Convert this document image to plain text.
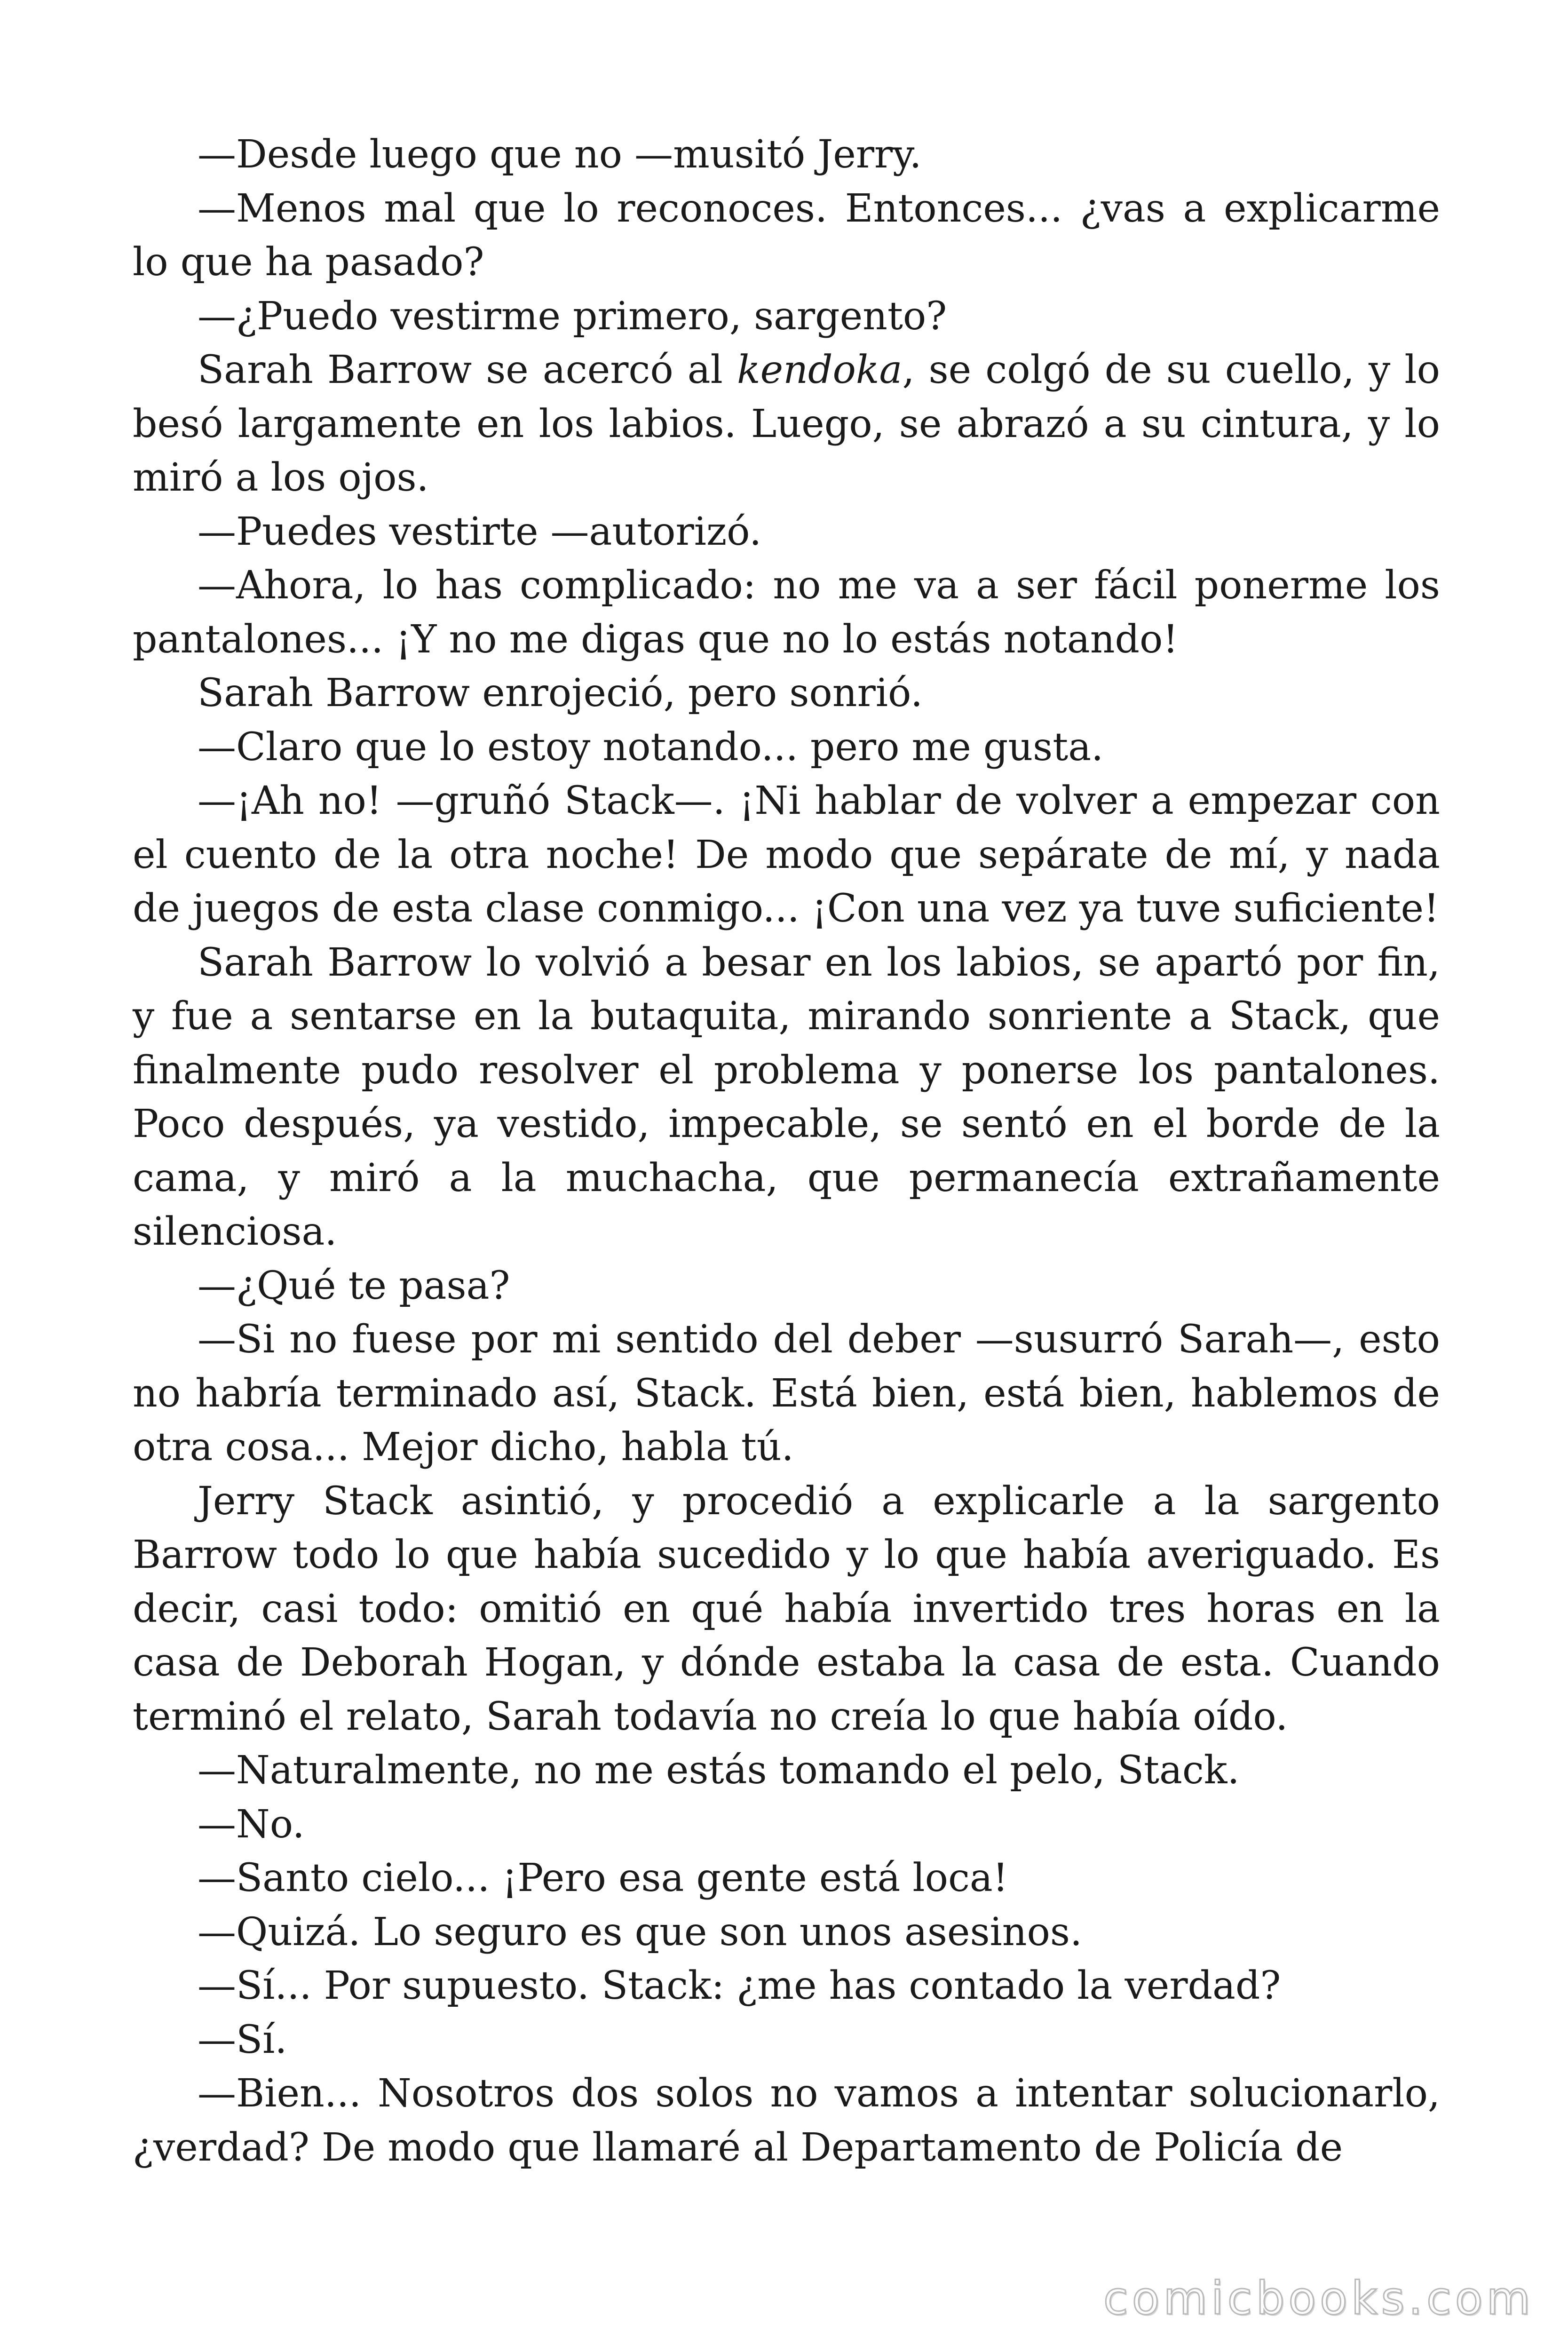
—Desde luego que no —musitó Jerry.

—Menos mal que lo reconoces. Entonces... ¿vas a explicarme lo que ha pasado?

—¿Puedo vestirme primero, sargento?

Sarah Barrow se acercó al kendoka, se colgó de su cuello, y lo besó largamente en los labios. Luego, se abrazó a su cintura, y lo miró a los ojos.

—Puedes vestirte —autorizó.

—Ahora, lo has complicado: no me va a ser fácil ponerme los pantalones... ¡Y no me digas que no lo estás notando!

Sarah Barrow enrojeció, pero sonrió.

—Claro que lo estoy notando... pero me gusta.

—¡Ah no! —gruñó Stack—. ¡Ni hablar de volver a empezar con el cuento de la otra noche! De modo que sepárate de mí, y nada de juegos de esta clase conmigo... ¡Con una vez ya tuve suficiente!

Sarah Barrow lo volvió a besar en los labios, se apartó por fin, y fue a sentarse en la butaquita, mirando sonriente a Stack, que finalmente pudo resolver el problema y ponerse los pantalones. Poco después, ya vestido, impecable, se sentó en el borde de la cama, y miró a la muchacha, que permanecía extrañamente silenciosa.

—¿Qué te pasa?

—Si no fuese por mi sentido del deber —susurró Sarah—, esto no habría terminado así, Stack. Está bien, está bien, hablemos de otra cosa... Mejor dicho, habla tú.

Jerry Stack asintió, y procedió a explicarle a la sargento Barrow todo lo que había sucedido y lo que había averiguado. Es decir, casi todo: omitió en qué había invertido tres horas en la casa de Deborah Hogan, y dónde estaba la casa de esta. Cuando terminó el relato, Sarah todavía no creía lo que había oído.

—Naturalmente, no me estás tomando el pelo, Stack.

—No.

—Santo cielo... ¡Pero esa gente está loca!

—Quizá. Lo seguro es que son unos asesinos.

—Sí... Por supuesto. Stack: ¿me has contado la verdad?

—Sí.

—Bien... Nosotros dos solos no vamos a intentar solucionarlo, ¿verdad? De modo que llamaré al Departamento de Policía de

comicbooks.com
